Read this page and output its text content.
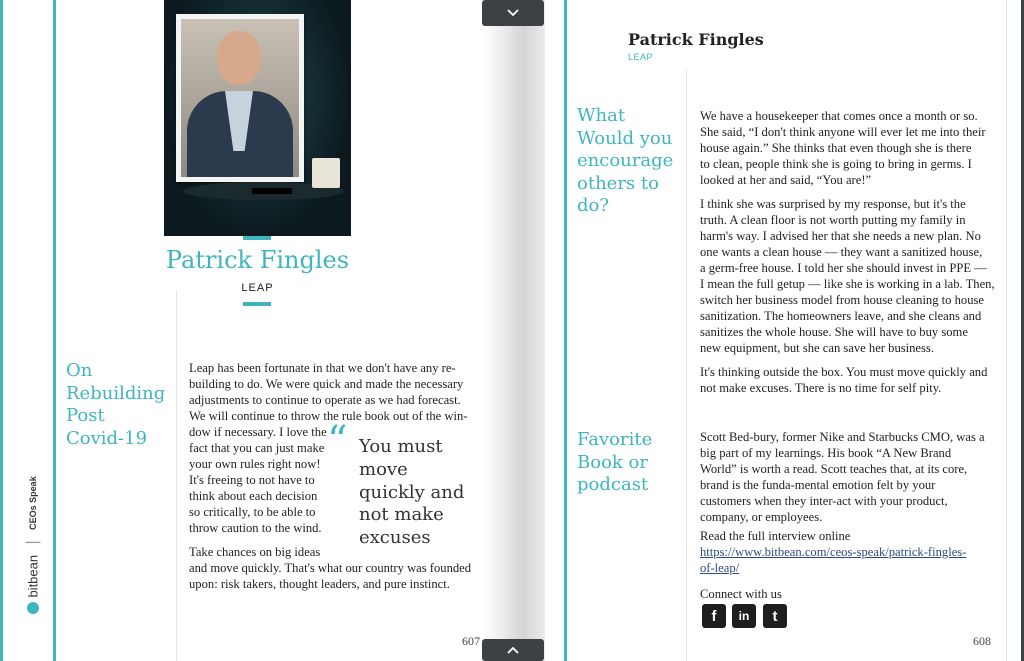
Patrick Fingles
LEAP
On
Rebuilding
Post
Covid-19
Leap has been fortunate in that we don't have any re-
building to do. We were quick and made the necessary
adjustments to continue to operate as we had forecast.
We will continue to throw the rule book out of the win-
dow if necessary. I love the
fact that you can just make
your own rules right now!
It's freeing to not have to
think about each decision
so critically, to be able to
throw caution to the wind.
Take chances on big ideas
and move quickly. That's what our country was founded
upon: risk takers, thought leaders, and pure instinct.
“ You must
move
quickly and
not make
excuses
bitbean | CEOs Speak
607
Patrick Fingles
LEAP
What
Would you
encourage
others to
do?
We have a housekeeper that comes once a month or so.
She said, “I don't think anyone will ever let me into their
house again.” She thinks that even though she is there
to clean, people think she is going to bring in germs. I
looked at her and said, “You are!”
I think she was surprised by my response, but it's the
truth. A clean floor is not worth putting my family in
harm's way. I advised her that she needs a new plan. No
one wants a clean house — they want a sanitized house,
a germ-free house. I told her she should invest in PPE —
I mean the full getup — like she is working in a lab. Then,
switch her business model from house cleaning to house
sanitization. The homeowners leave, and she cleans and
sanitizes the whole house. She will have to buy some
new equipment, but she can save her business.
It's thinking outside the box. You must move quickly and
not make excuses. There is no time for self pity.
Favorite
Book or
podcast
Scott Bed-bury, former Nike and Starbucks CMO, was a
big part of my learnings. His book “A New Brand
World” is worth a read. Scott teaches that, at its core,
brand is the funda-mental emotion felt by your
customers when they inter-act with your product,
company, or employees.
Read the full interview online
https://www.bitbean.com/ceos-speak/patrick-fingles-
of-leap/
Connect with us
f in t
608
